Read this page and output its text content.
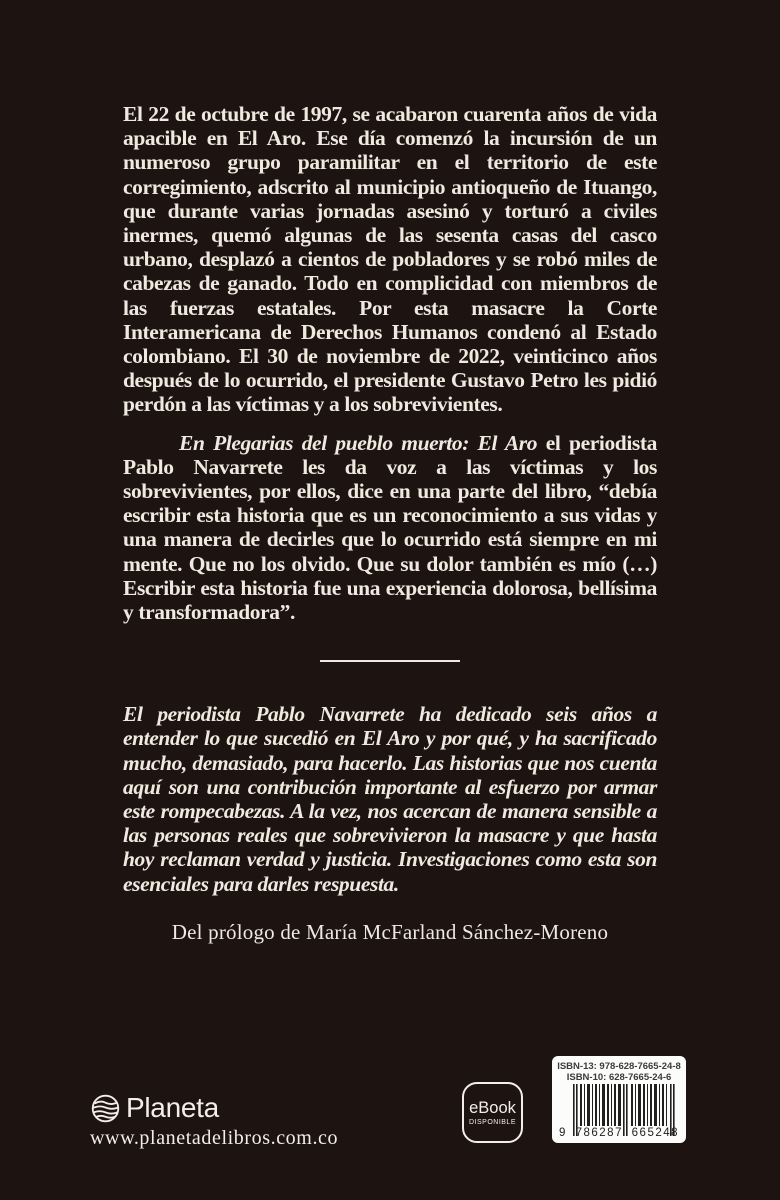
El 22 de octubre de 1997, se acabaron cuarenta años de vida apacible en El Aro. Ese día comenzó la incursión de un numeroso grupo paramilitar en el territorio de este corregimiento, adscrito al municipio antioqueño de Ituango, que durante varias jornadas asesinó y torturó a civiles inermes, quemó algunas de las sesenta casas del casco urbano, desplazó a cientos de pobladores y se robó miles de cabezas de ganado. Todo en complicidad con miembros de las fuerzas estatales. Por esta masacre la Corte Interamericana de Derechos Humanos condenó al Estado colombiano. El 30 de noviembre de 2022, veinticinco años después de lo ocurrido, el presidente Gustavo Petro les pidió perdón a las víctimas y a los sobrevivientes.

En Plegarias del pueblo muerto: El Aro el periodista Pablo Navarrete les da voz a las víctimas y los sobrevivientes, por ellos, dice en una parte del libro, “debía escribir esta historia que es un reconocimiento a sus vidas y una manera de decirles que lo ocurrido está siempre en mi mente. Que no los olvido. Que su dolor también es mío (…) Escribir esta historia fue una experiencia dolorosa, bellísima y transformadora”.

El periodista Pablo Navarrete ha dedicado seis años a entender lo que sucedió en El Aro y por qué, y ha sacrificado mucho, demasiado, para hacerlo. Las historias que nos cuenta aquí son una contribución importante al esfuerzo por armar este rompecabezas. A la vez, nos acercan de manera sensible a las personas reales que sobrevivieron la masacre y que hasta hoy reclaman verdad y justicia. Investigaciones como esta son esenciales para darles respuesta.

Del prólogo de María McFarland Sánchez-Moreno

Planeta
www.planetadelibros.com.co
eBook
DISPONIBLE
ISBN-13: 978-628-7665-24-8
ISBN-10: 628-7665-24-6
9 786287 665248
